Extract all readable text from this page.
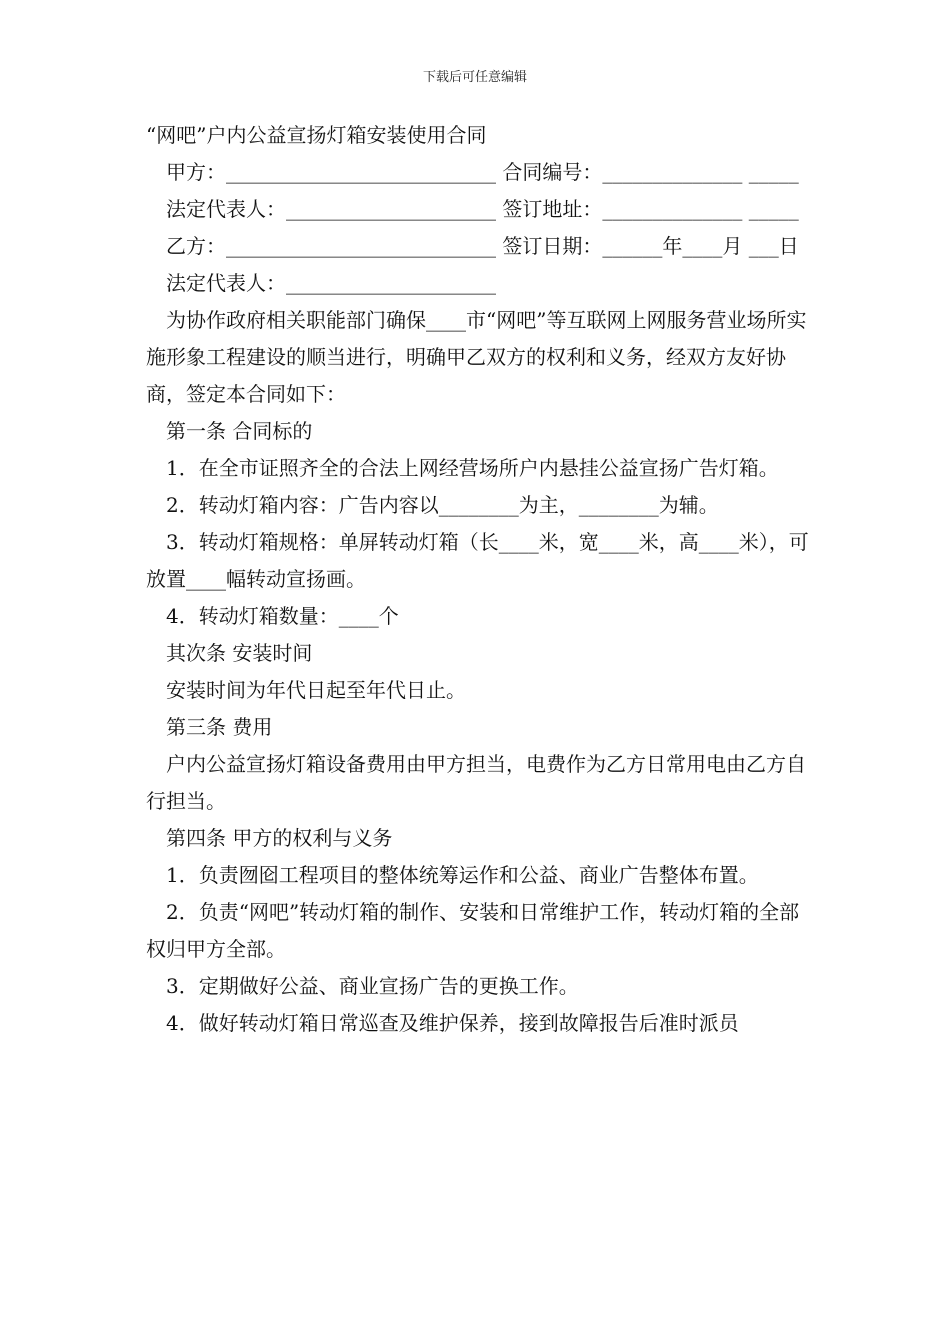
下载后可任意编辑

“网吧”户内公益宣扬灯箱安装使用合同

甲方：___________________________ 合同编号：______________ _____

法定代表人：_____________________ 签订地址：______________ _____

乙方：___________________________ 签订日期：______年____月 ___日

法定代表人：_____________________

为协作政府相关职能部门确保____市“网吧”等互联网上网服务营业场所实施形象工程建设的顺当进行，明确甲乙双方的权利和义务，经双方友好协商，签定本合同如下：

第一条 合同标的

1．在全市证照齐全的合法上网经营场所户内悬挂公益宣扬广告灯箱。

2．转动灯箱内容：广告内容以________为主，________为辅。

3．转动灯箱规格：单屏转动灯箱（长____米，宽____米，高____米），可放置____幅转动宣扬画。

4．转动灯箱数量：____个

其次条 安装时间

安装时间为年代日起至年代日止。

第三条 费用

户内公益宣扬灯箱设备费用由甲方担当，电费作为乙方日常用电由乙方自行担当。

第四条 甲方的权利与义务

1．负责囫囵工程项目的整体统筹运作和公益、商业广告整体布置。

2．负责“网吧”转动灯箱的制作、安装和日常维护工作，转动灯箱的全部权归甲方全部。

3．定期做好公益、商业宣扬广告的更换工作。

4．做好转动灯箱日常巡查及维护保养，接到故障报告后准时派员
